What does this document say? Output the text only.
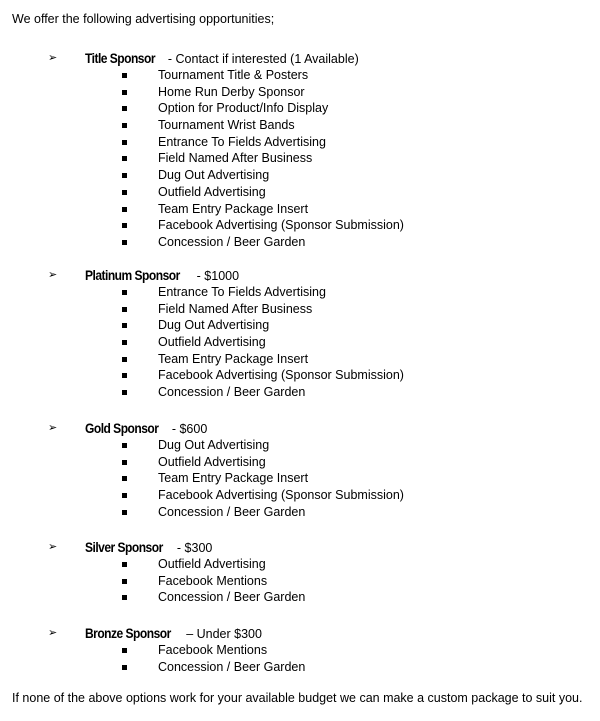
We offer the following advertising opportunities;
➢ Title Sponsor - Contact if interested (1 Available)
Tournament Title & Posters
Home Run Derby Sponsor
Option for Product/Info Display
Tournament Wrist Bands
Entrance To Fields Advertising
Field Named After Business
Dug Out Advertising
Outfield Advertising
Team Entry Package Insert
Facebook Advertising (Sponsor Submission)
Concession / Beer Garden
➢ Platinum Sponsor - $1000
Entrance To Fields Advertising
Field Named After Business
Dug Out Advertising
Outfield Advertising
Team Entry Package Insert
Facebook Advertising (Sponsor Submission)
Concession / Beer Garden
➢ Gold Sponsor - $600
Dug Out Advertising
Outfield Advertising
Team Entry Package Insert
Facebook Advertising (Sponsor Submission)
Concession / Beer Garden
➢ Silver Sponsor - $300
Outfield Advertising
Facebook Mentions
Concession / Beer Garden
➢ Bronze Sponsor – Under $300
Facebook Mentions
Concession / Beer Garden
If none of the above options work for your available budget we can make a custom package to suit you.
